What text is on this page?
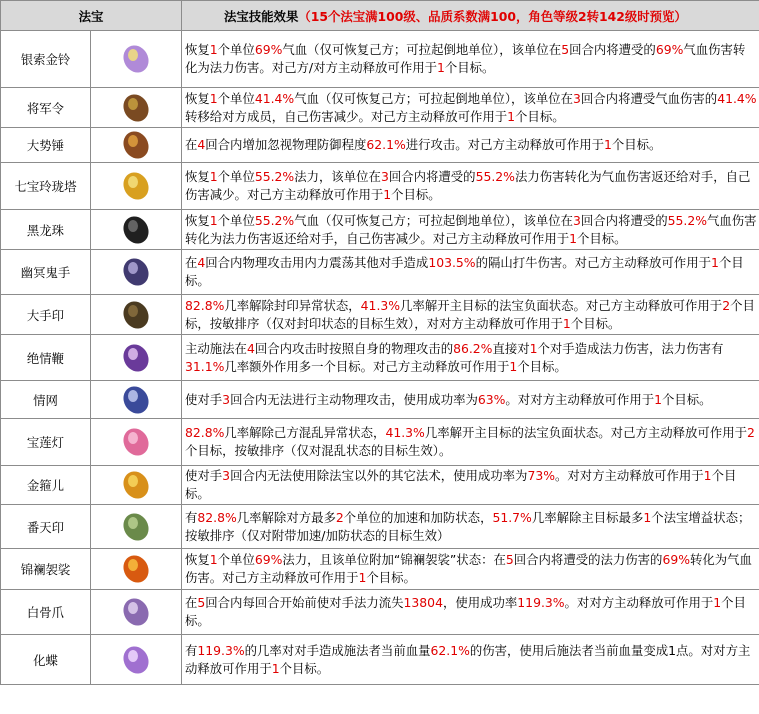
法宝		法宝技能效果（15个法宝满100级、品质系数满100，角色等级2转142级时预览）
银索金铃		恢复1个单位69%气血（仅可恢复己方；可拉起倒地单位），该单位在5回合内将遭受的69%气血伤害转化为法力伤害。对己方/对方主动释放可作用于1个目标。
将军令		恢复1个单位41.4%气血（仅可恢复己方；可拉起倒地单位），该单位在3回合内将遭受气血伤害的41.4%转移给对方成员，自己伤害减少。对己方主动释放可作用于1个目标。
大势锤		在4回合内增加忽视物理防御程度62.1%进行攻击。对己方主动释放可作用于1个目标。
七宝玲珑塔		恢复1个单位55.2%法力，该单位在3回合内将遭受的55.2%法力伤害转化为气血伤害返还给对手，自己伤害减少。对己方主动释放可作用于1个目标。
黑龙珠		恢复1个单位55.2%气血（仅可恢复己方；可拉起倒地单位），该单位在3回合内将遭受的55.2%气血伤害转化为法力伤害返还给对手，自己伤害减少。对己方主动释放可作用于1个目标。
幽冥鬼手		在4回合内物理攻击用内力震荡其他对手造成103.5%的隔山打牛伤害。对己方主动释放可作用于1个目标。
大手印		82.8%几率解除封印异常状态，41.3%几率解开主目标的法宝负面状态。对己方主动释放可作用于2个目标，按敏排序（仅对封印状态的目标生效），对对方主动释放可作用于1个目标。
绝情鞭		主动施法在4回合内攻击时按照自身的物理攻击的86.2%直接对1个对手造成法力伤害，法力伤害有31.1%几率额外作用多一个目标。对己方主动释放可作用于1个目标。
情网		使对手3回合内无法进行主动物理攻击，使用成功率为63%。对对方主动释放可作用于1个目标。
宝莲灯		82.8%几率解除己方混乱异常状态，41.3%几率解开主目标的法宝负面状态。对己方主动释放可作用于2个目标，按敏排序（仅对混乱状态的目标生效）。
金箍儿		使对手3回合内无法使用除法宝以外的其它法术，使用成功率为73%。对对方主动释放可作用于1个目标。
番天印		有82.8%几率解除对方最多2个单位的加速和加防状态，51.7%几率解除主目标最多1个法宝增益状态；按敏排序（仅对附带加速/加防状态的目标生效）
锦襕袈裟		恢复1个单位69%法力，且该单位附加“锦襕袈裟”状态：在5回合内将遭受的法力伤害的69%转化为气血伤害。对己方主动释放可作用于1个目标。
白骨爪		在5回合内每回合开始前使对手法力流失13804，使用成功率119.3%。对对方主动释放可作用于1个目标。
化蝶		有119.3%的几率对对手造成施法者当前血量62.1%的伤害，使用后施法者当前血量变成1点。对对方主动释放可作用于1个目标。
